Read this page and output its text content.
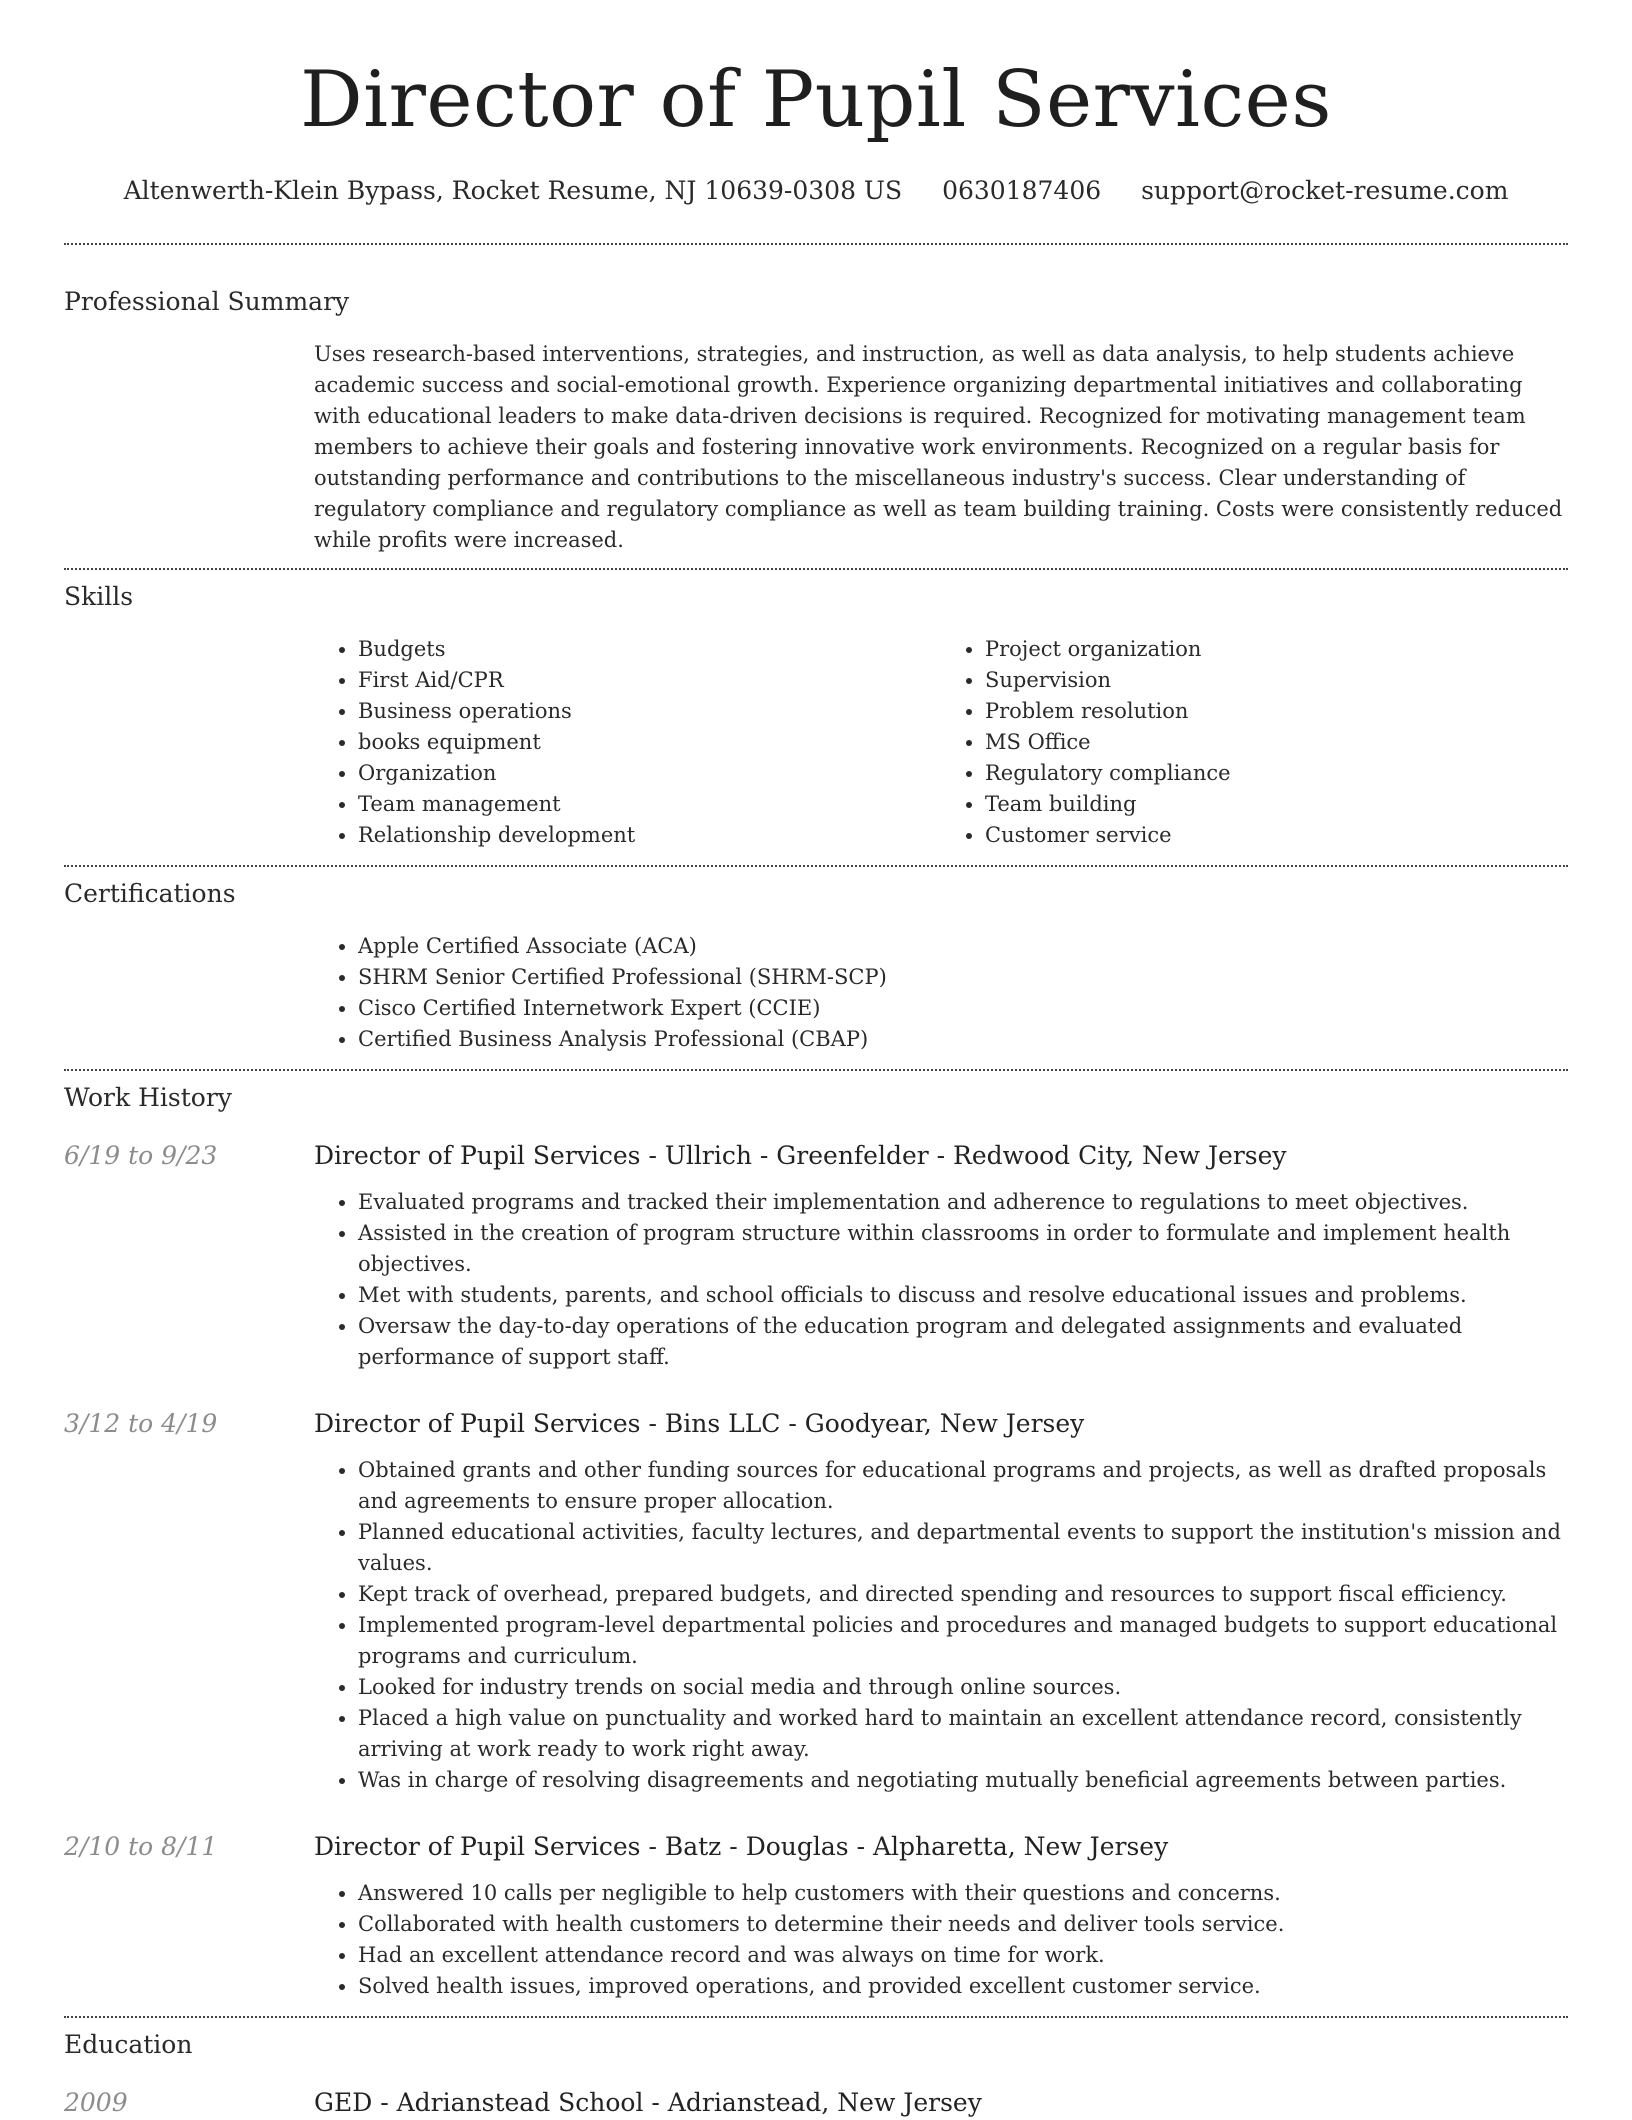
Director of Pupil Services
Altenwerth-Klein Bypass, Rocket Resume, NJ 10639-0308 US 0630187406 support@rocket-resume.com
Professional Summary
Uses research-based interventions, strategies, and instruction, as well as data analysis, to help students achieve academic success and social-emotional growth. Experience organizing departmental initiatives and collaborating with educational leaders to make data-driven decisions is required. Recognized for motivating management team members to achieve their goals and fostering innovative work environments. Recognized on a regular basis for outstanding performance and contributions to the miscellaneous industry's success. Clear understanding of regulatory compliance and regulatory compliance as well as team building training. Costs were consistently reduced while profits were increased.
Skills
• Budgets
• First Aid/CPR
• Business operations
• books equipment
• Organization
• Team management
• Relationship development
• Project organization
• Supervision
• Problem resolution
• MS Office
• Regulatory compliance
• Team building
• Customer service
Certifications
• Apple Certified Associate (ACA)
• SHRM Senior Certified Professional (SHRM-SCP)
• Cisco Certified Internetwork Expert (CCIE)
• Certified Business Analysis Professional (CBAP)
Work History
6/19 to 9/23	Director of Pupil Services - Ullrich - Greenfelder - Redwood City, New Jersey
• Evaluated programs and tracked their implementation and adherence to regulations to meet objectives.
• Assisted in the creation of program structure within classrooms in order to formulate and implement health objectives.
• Met with students, parents, and school officials to discuss and resolve educational issues and problems.
• Oversaw the day-to-day operations of the education program and delegated assignments and evaluated performance of support staff.
3/12 to 4/19	Director of Pupil Services - Bins LLC - Goodyear, New Jersey
• Obtained grants and other funding sources for educational programs and projects, as well as drafted proposals and agreements to ensure proper allocation.
• Planned educational activities, faculty lectures, and departmental events to support the institution's mission and values.
• Kept track of overhead, prepared budgets, and directed spending and resources to support fiscal efficiency.
• Implemented program-level departmental policies and procedures and managed budgets to support educational programs and curriculum.
• Looked for industry trends on social media and through online sources.
• Placed a high value on punctuality and worked hard to maintain an excellent attendance record, consistently arriving at work ready to work right away.
• Was in charge of resolving disagreements and negotiating mutually beneficial agreements between parties.
2/10 to 8/11	Director of Pupil Services - Batz - Douglas - Alpharetta, New Jersey
• Answered 10 calls per negligible to help customers with their questions and concerns.
• Collaborated with health customers to determine their needs and deliver tools service.
• Had an excellent attendance record and was always on time for work.
• Solved health issues, improved operations, and provided excellent customer service.
Education
2009	GED - Adrianstead School - Adrianstead, New Jersey
